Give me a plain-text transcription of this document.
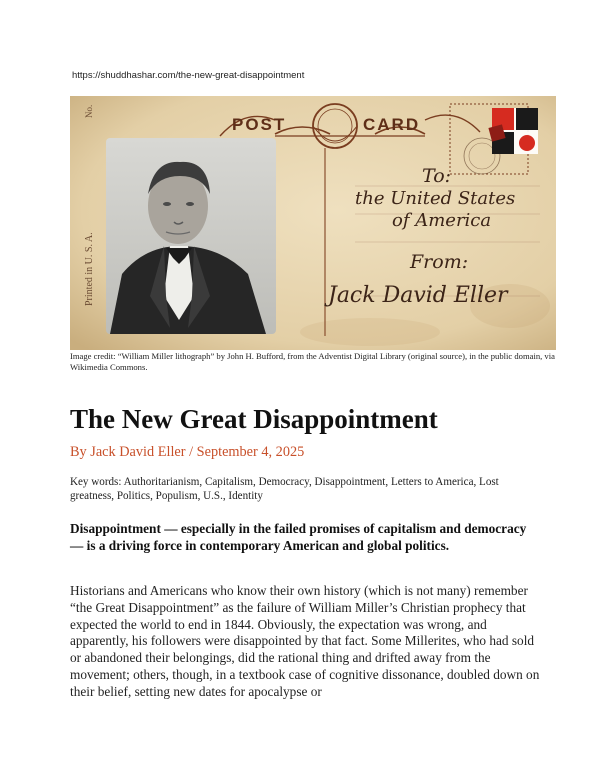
https://shuddhashar.com/the-new-great-disappointment
Printed in U. S. A.
No.
POST	CARD
To:
the United States
of America
From:
Jack David Eller
Image credit: “William Miller lithograph” by John H. Bufford, from the Adventist Digital Library (original source), in the public domain, via Wikimedia Commons.
The New Great Disappointment
By Jack David Eller / September 4, 2025
Key words: Authoritarianism, Capitalism, Democracy, Disappointment, Letters to America, Lost greatness, Politics, Populism, U.S., Identity

Disappointment — especially in the failed promises of capitalism and democracy — is a driving force in contemporary American and global politics.

Historians and Americans who know their own history (which is not many) remember “the Great Disappointment” as the failure of William Miller’s Christian prophecy that expected the world to end in 1844. Obviously, the expectation was wrong, and apparently, his followers were disappointed by that fact. Some Millerites, who had sold or abandoned their belongings, did the rational thing and drifted away from the movement; others, though, in a textbook case of cognitive dissonance, doubled down on their belief, setting new dates for apocalypse or
